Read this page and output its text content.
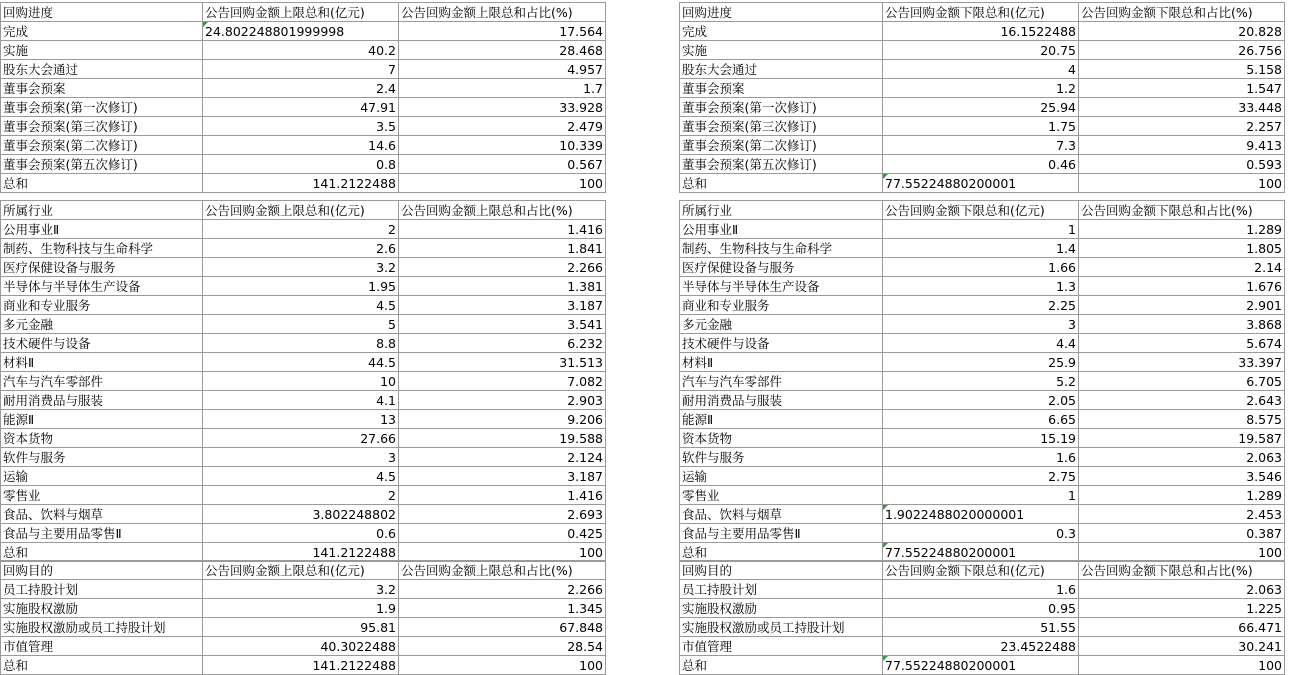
回购进度	公告回购金额上限总和(亿元)	公告回购金额上限总和占比(%)
完成	24.802248801999998	17.564
实施	40.2	28.468
股东大会通过	7	4.957
董事会预案	2.4	1.7
董事会预案(第一次修订)	47.91	33.928
董事会预案(第三次修订)	3.5	2.479
董事会预案(第二次修订)	14.6	10.339
董事会预案(第五次修订)	0.8	0.567
总和	141.2122488	100
所属行业	公告回购金额上限总和(亿元)	公告回购金额上限总和占比(%)
公用事业Ⅱ	2	1.416
制药、生物科技与生命科学	2.6	1.841
医疗保健设备与服务	3.2	2.266
半导体与半导体生产设备	1.95	1.381
商业和专业服务	4.5	3.187
多元金融	5	3.541
技术硬件与设备	8.8	6.232
材料Ⅱ	44.5	31.513
汽车与汽车零部件	10	7.082
耐用消费品与服装	4.1	2.903
能源Ⅱ	13	9.206
资本货物	27.66	19.588
软件与服务	3	2.124
运输	4.5	3.187
零售业	2	1.416
食品、饮料与烟草	3.802248802	2.693
食品与主要用品零售Ⅱ	0.6	0.425
总和	141.2122488	100
回购目的	公告回购金额上限总和(亿元)	公告回购金额上限总和占比(%)
员工持股计划	3.2	2.266
实施股权激励	1.9	1.345
实施股权激励或员工持股计划	95.81	67.848
市值管理	40.3022488	28.54
总和	141.2122488	100
回购进度	公告回购金额下限总和(亿元)	公告回购金额下限总和占比(%)
完成	16.1522488	20.828
实施	20.75	26.756
股东大会通过	4	5.158
董事会预案	1.2	1.547
董事会预案(第一次修订)	25.94	33.448
董事会预案(第三次修订)	1.75	2.257
董事会预案(第二次修订)	7.3	9.413
董事会预案(第五次修订)	0.46	0.593
总和	77.55224880200001	100
所属行业	公告回购金额下限总和(亿元)	公告回购金额下限总和占比(%)
公用事业Ⅱ	1	1.289
制药、生物科技与生命科学	1.4	1.805
医疗保健设备与服务	1.66	2.14
半导体与半导体生产设备	1.3	1.676
商业和专业服务	2.25	2.901
多元金融	3	3.868
技术硬件与设备	4.4	5.674
材料Ⅱ	25.9	33.397
汽车与汽车零部件	5.2	6.705
耐用消费品与服装	2.05	2.643
能源Ⅱ	6.65	8.575
资本货物	15.19	19.587
软件与服务	1.6	2.063
运输	2.75	3.546
零售业	1	1.289
食品、饮料与烟草	1.9022488020000001	2.453
食品与主要用品零售Ⅱ	0.3	0.387
总和	77.55224880200001	100
回购目的	公告回购金额下限总和(亿元)	公告回购金额下限总和占比(%)
员工持股计划	1.6	2.063
实施股权激励	0.95	1.225
实施股权激励或员工持股计划	51.55	66.471
市值管理	23.4522488	30.241
总和	77.55224880200001	100
